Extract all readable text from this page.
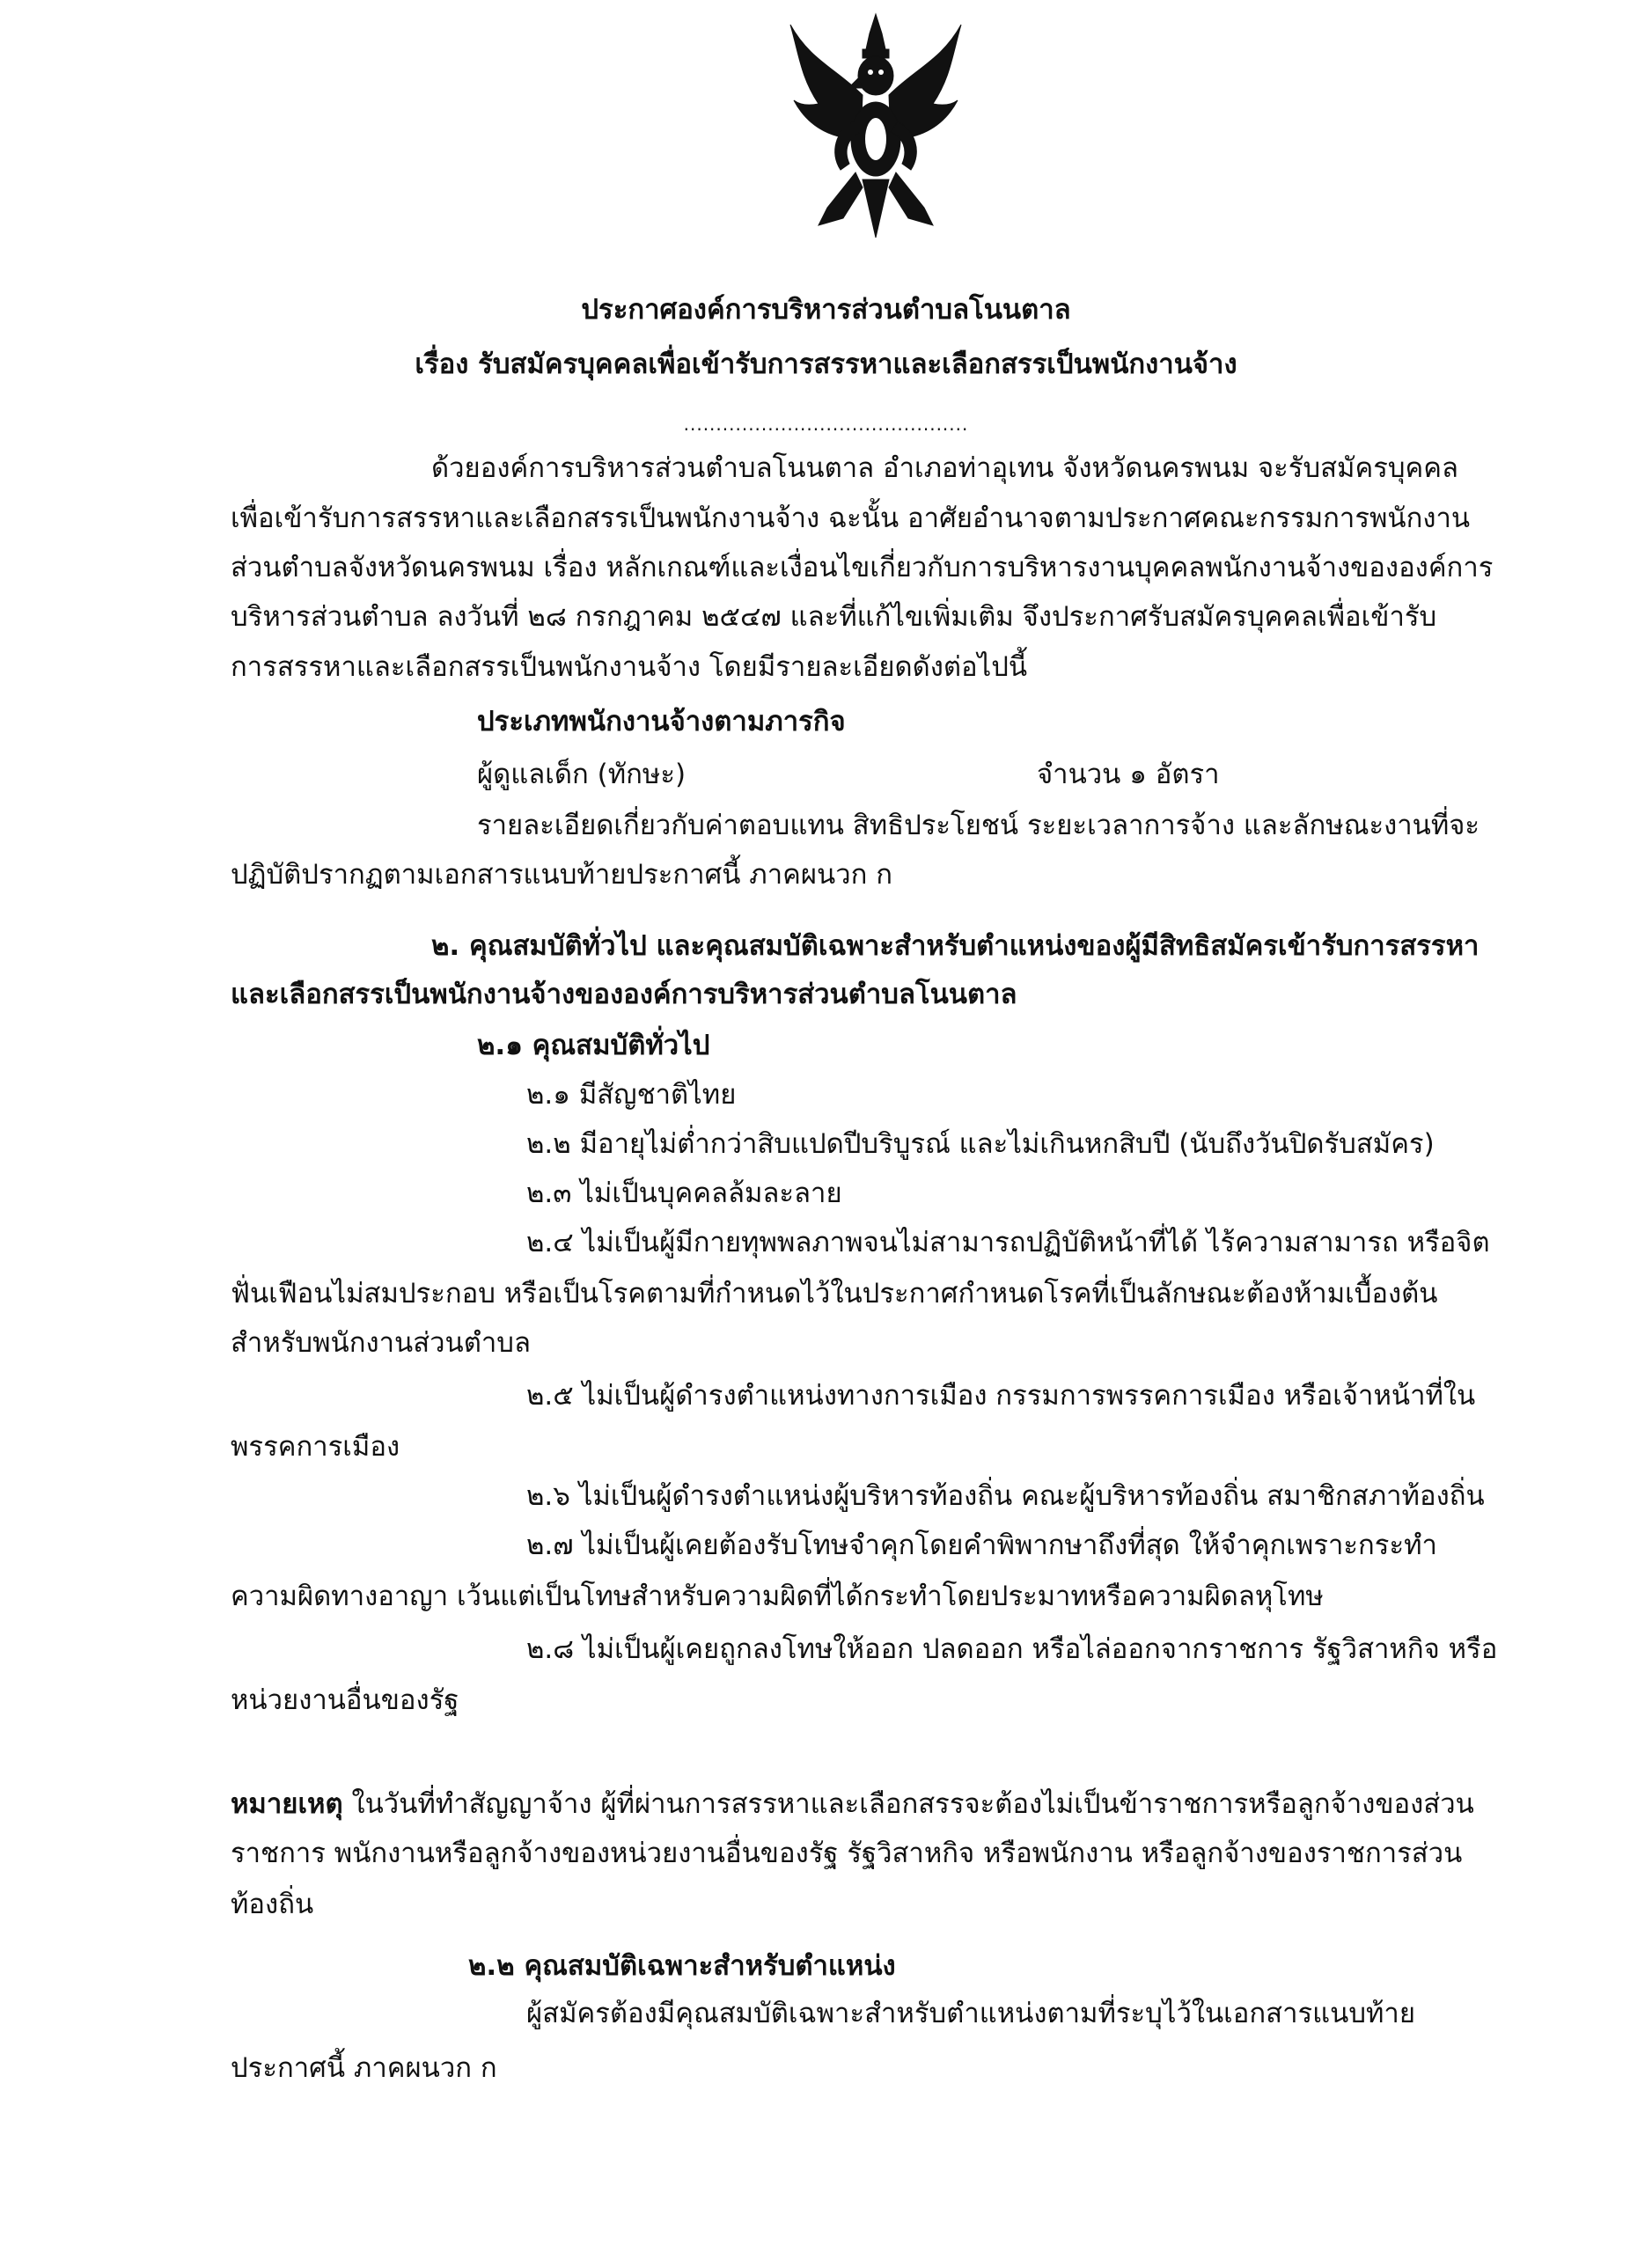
ประกาศองค์การบริหารส่วนตำบลโนนตาล
เรื่อง รับสมัครบุคคลเพื่อเข้ารับการสรรหาและเลือกสรรเป็นพนักงานจ้าง
............................................
ด้วยองค์การบริหารส่วนตำบลโนนตาล อำเภอท่าอุเทน จังหวัดนครพนม จะรับสมัครบุคคล
เพื่อเข้ารับการสรรหาและเลือกสรรเป็นพนักงานจ้าง ฉะนั้น อาศัยอำนาจตามประกาศคณะกรรมการพนักงาน
ส่วนตำบลจังหวัดนครพนม เรื่อง หลักเกณฑ์และเงื่อนไขเกี่ยวกับการบริหารงานบุคคลพนักงานจ้างขององค์การ
บริหารส่วนตำบล ลงวันที่ ๒๘ กรกฎาคม ๒๕๔๗ และที่แก้ไขเพิ่มเติม จึงประกาศรับสมัครบุคคลเพื่อเข้ารับ
การสรรหาและเลือกสรรเป็นพนักงานจ้าง โดยมีรายละเอียดดังต่อไปนี้
ประเภทพนักงานจ้างตามภารกิจ
ผู้ดูแลเด็ก (ทักษะ)	จำนวน ๑ อัตรา
รายละเอียดเกี่ยวกับค่าตอบแทน สิทธิประโยชน์ ระยะเวลาการจ้าง และลักษณะงานที่จะ
ปฏิบัติปรากฏตามเอกสารแนบท้ายประกาศนี้ ภาคผนวก ก
๒. คุณสมบัติทั่วไป และคุณสมบัติเฉพาะสำหรับตำแหน่งของผู้มีสิทธิสมัครเข้ารับการสรรหา
และเลือกสรรเป็นพนักงานจ้างขององค์การบริหารส่วนตำบลโนนตาล
๒.๑ คุณสมบัติทั่วไป
๒.๑ มีสัญชาติไทย
๒.๒ มีอายุไม่ต่ำกว่าสิบแปดปีบริบูรณ์ และไม่เกินหกสิบปี (นับถึงวันปิดรับสมัคร)
๒.๓ ไม่เป็นบุคคลล้มละลาย
๒.๔ ไม่เป็นผู้มีกายทุพพลภาพจนไม่สามารถปฏิบัติหน้าที่ได้ ไร้ความสามารถ หรือจิต
ฟั่นเฟือนไม่สมประกอบ หรือเป็นโรคตามที่กำหนดไว้ในประกาศกำหนดโรคที่เป็นลักษณะต้องห้ามเบื้องต้น
สำหรับพนักงานส่วนตำบล
๒.๕ ไม่เป็นผู้ดำรงตำแหน่งทางการเมือง กรรมการพรรคการเมือง หรือเจ้าหน้าที่ใน
พรรคการเมือง
๒.๖ ไม่เป็นผู้ดำรงตำแหน่งผู้บริหารท้องถิ่น คณะผู้บริหารท้องถิ่น สมาชิกสภาท้องถิ่น
๒.๗ ไม่เป็นผู้เคยต้องรับโทษจำคุกโดยคำพิพากษาถึงที่สุด ให้จำคุกเพราะกระทำ
ความผิดทางอาญา เว้นแต่เป็นโทษสำหรับความผิดที่ได้กระทำโดยประมาทหรือความผิดลหุโทษ
๒.๘ ไม่เป็นผู้เคยถูกลงโทษให้ออก ปลดออก หรือไล่ออกจากราชการ รัฐวิสาหกิจ หรือ
หน่วยงานอื่นของรัฐ
หมายเหตุ ในวันที่ทำสัญญาจ้าง ผู้ที่ผ่านการสรรหาและเลือกสรรจะต้องไม่เป็นข้าราชการหรือลูกจ้างของส่วน
ราชการ พนักงานหรือลูกจ้างของหน่วยงานอื่นของรัฐ รัฐวิสาหกิจ หรือพนักงาน หรือลูกจ้างของราชการส่วน
ท้องถิ่น
๒.๒ คุณสมบัติเฉพาะสำหรับตำแหน่ง
ผู้สมัครต้องมีคุณสมบัติเฉพาะสำหรับตำแหน่งตามที่ระบุไว้ในเอกสารแนบท้าย
ประกาศนี้ ภาคผนวก ก
